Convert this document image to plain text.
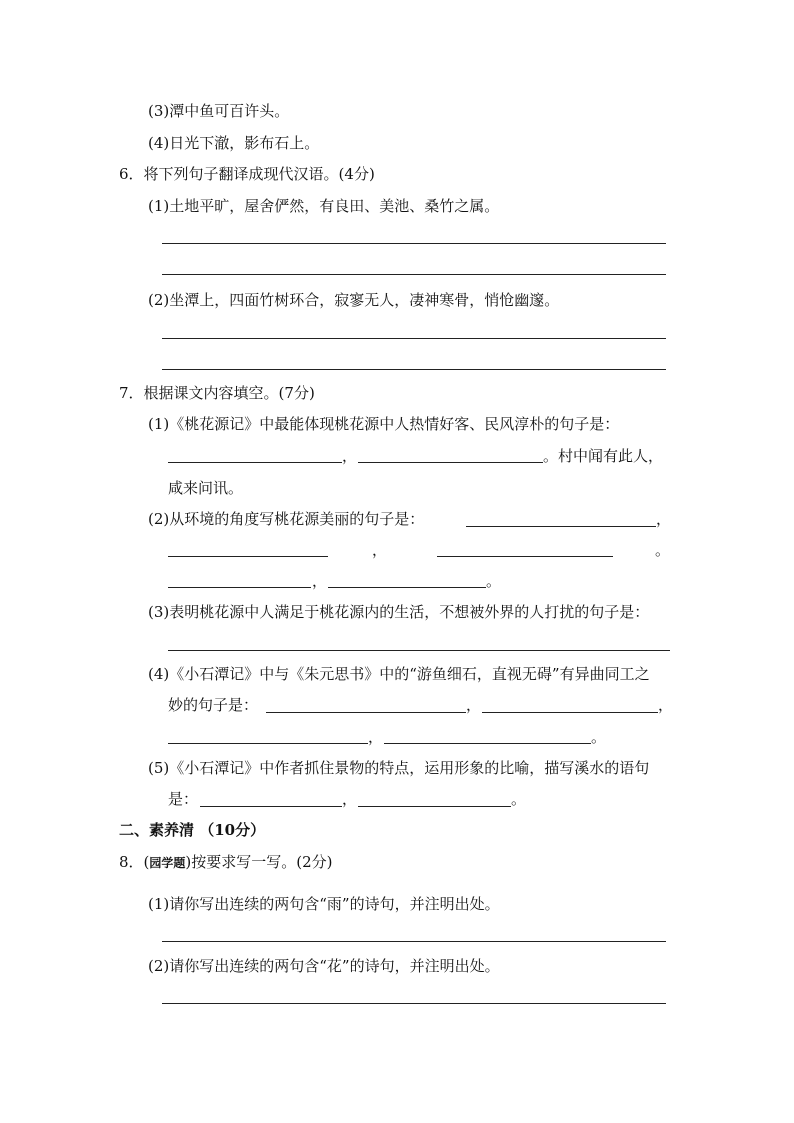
(3)潭中鱼可百许头。
(4)日光下澈，影布石上。
6．将下列句子翻译成现代汉语。(4分)
(1)土地平旷，屋舍俨然，有良田、美池、桑竹之属。
(2)坐潭上，四面竹树环合，寂寥无人，凄神寒骨，悄怆幽邃。
7．根据课文内容填空。(7分)
(1)《桃花源记》中最能体现桃花源中人热情好客、民风淳朴的句子是：
，	。村中闻有此人，
咸来问讯。
(2)从环境的角度写桃花源美丽的句子是：	，
，	。
，	。
(3)表明桃花源中人满足于桃花源内的生活，不想被外界的人打扰的句子是：
(4)《小石潭记》中与《朱元思书》中的“游鱼细石，直视无碍”有异曲同工之
妙的句子是：	，	，
，	。
(5)《小石潭记》中作者抓住景物的特点，运用形象的比喻，描写溪水的语句
是：	，	。
二、素养清 （10分）
8．(园学题)按要求写一写。(2分)
(1)请你写出连续的两句含“雨”的诗句，并注明出处。
(2)请你写出连续的两句含“花”的诗句，并注明出处。
